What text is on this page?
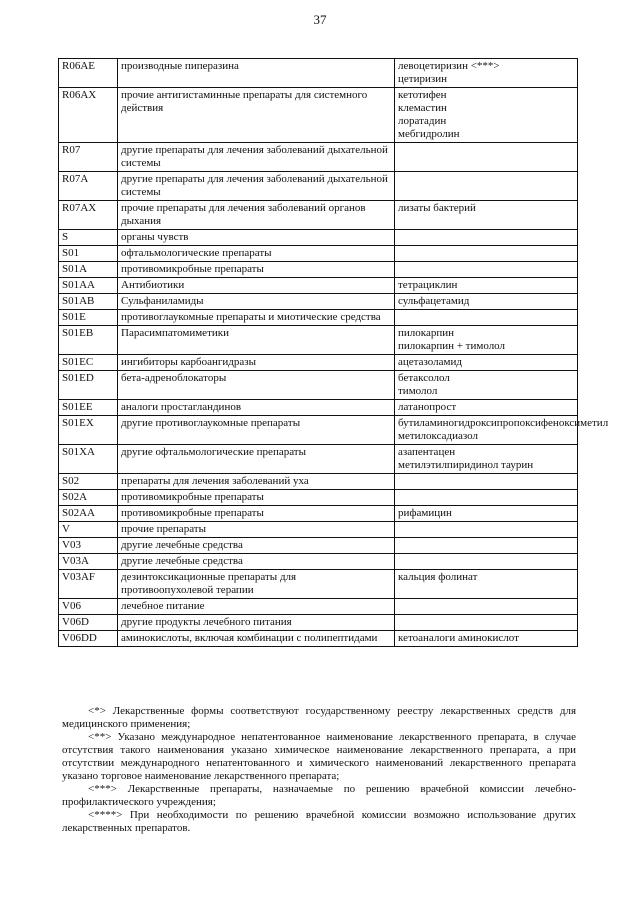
37
R06AE	производные пиперазина	левоцетиризин <***>
цетиризин

R06AX	прочие антигистаминные препараты для системного действия	кетотифен
клемастин
лоратадин
мебгидролин

R07	другие препараты для лечения заболеваний дыхательной системы	
R07A	другие препараты для лечения заболеваний дыхательной системы	
R07AX	прочие препараты для лечения заболеваний органов дыхания	лизаты бактерий

S	органы чувств	
S01	офтальмологические препараты	
S01A	противомикробные препараты	
S01AA	Антибиотики	тетрациклин

S01AB	Сульфаниламиды	сульфацетамид

S01E	противоглаукомные препараты и миотические средства	
S01EB	Парасимпатомиметики	пилокарпин
пилокарпин + тимолол

S01EC	ингибиторы карбоангидразы	ацетазоламид

S01ED	бета-адреноблокаторы	бетаксолол
тимолол

S01EE	аналоги простагландинов	латанопрост

S01EX	другие противоглаукомные препараты	бутиламиногидроксипропоксифеноксиметил
метилоксадиазол

S01XA	другие офтальмологические препараты	азапентацен
метилэтилпиридинол таурин

S02	препараты для лечения заболеваний уха	
S02A	противомикробные препараты	
S02AA	противомикробные препараты	рифамицин

V	прочие препараты	
V03	другие лечебные средства	
V03A	другие лечебные средства	
V03AF	дезинтоксикационные препараты для противоопухолевой терапии	кальция фолинат

V06	лечебное питание	
V06D	другие продукты лечебного питания	
V06DD	аминокислоты, включая комбинации с полипептидами	кетоаналоги аминокислот

<*> Лекарственные формы соответствуют государственному реестру лекарственных средств для медицинского применения;

<**> Указано международное непатентованное наименование лекарственного препарата, в случае отсутствия такого наименования указано химическое наименование лекарственного препарата, а при отсутствии международного непатентованного и химического наименований лекарственного препарата указано торговое наименование лекарственного препарата;

<***> Лекарственные препараты, назначаемые по решению врачебной комиссии лечебно-профилактического учреждения;

<****> При необходимости по решению врачебной комиссии возможно использование других лекарственных препаратов.
